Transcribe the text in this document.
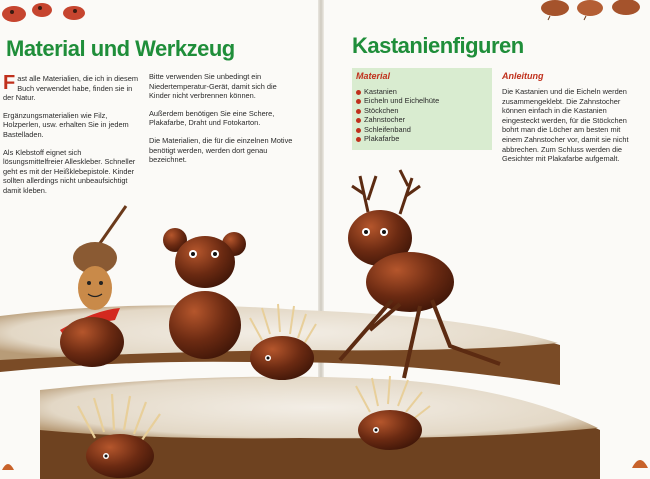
Material und Werkzeug

Fast alle Materialien, die ich in diesem Buch verwendet habe, finden sie in der Natur.

Ergänzungsmaterialien wie Filz, Holzperlen, usw. erhalten Sie in jedem Bastelladen.

Als Klebstoff eignet sich lösungsmittelfreier Alleskleber. Schneller geht es mit der Heißklebepistole. Kinder sollten allerdings nicht unbeaufsichtigt damit kleben.

Bitte verwenden Sie unbedingt ein Niedertemperatur-Gerät, damit sich die Kinder nicht verbrennen können.

Außerdem benötigen Sie eine Schere, Plakafarbe, Draht und Fotokarton.

Die Materialien, die für die einzelnen Motive benötigt werden, werden dort genau bezeichnet.

Kastanienfiguren
Material
Kastanien
Eicheln und Eichelhüte
Stöckchen
Zahnstocher
Schleifenband
Plakafarbe
Anleitung
Die Kastanien und die Eicheln werden zusammengeklebt. Die Zahnstocher können einfach in die Kastanien eingesteckt werden, für die Stöckchen bohrt man die Löcher am besten mit einem Zahnstocher vor, damit sie nicht abbrechen. Zum Schluss werden die Gesichter mit Plakafarbe aufgemalt.
